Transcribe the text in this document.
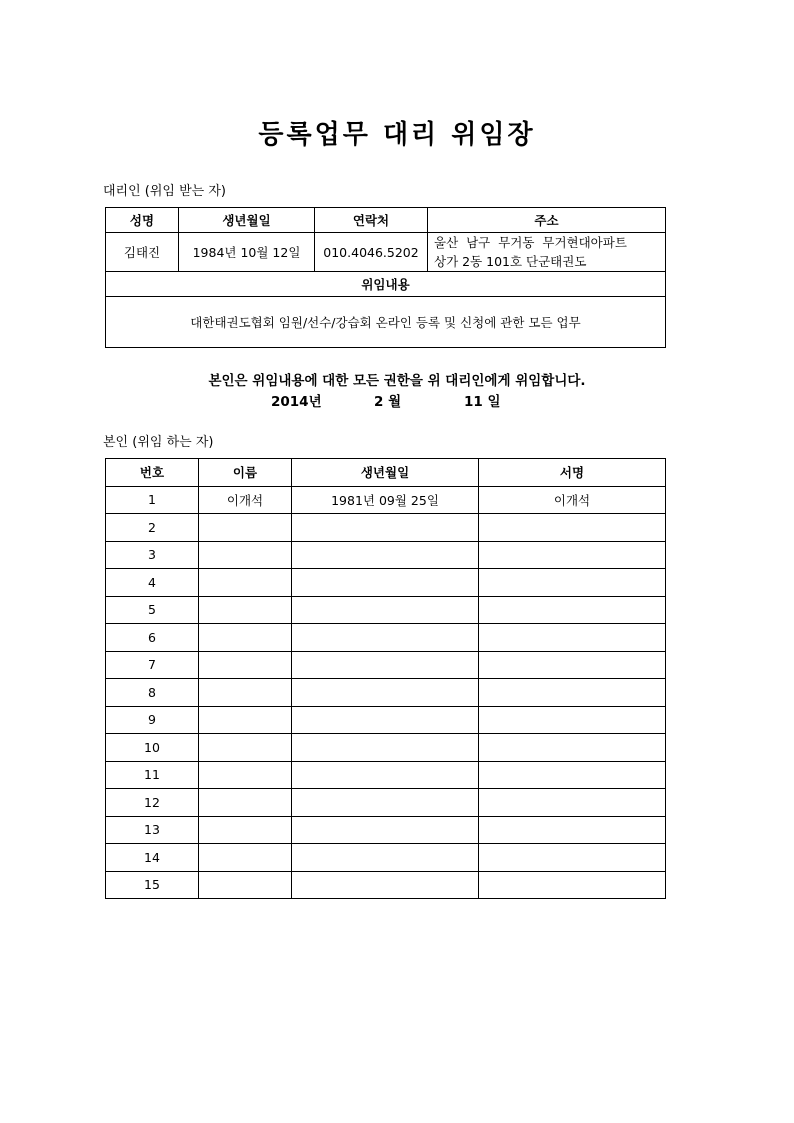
등록업무 대리 위임장
대리인 (위임 받는 자)
성명	생년월일	연락처	주소
김태진	1984년 10월 12일	010.4046.5202	울산  남구  무거동  무거현대아파트
상가 2동 101호 단군태권도

위임내용			
대한태권도협회 임원/선수/강습회 온라인 등록 및 신청에 관한 모든 업무			
본인은 위임내용에 대한 모든 권한을 위 대리인에게 위임합니다.
2014년	2 월	11 일
본인 (위임 하는 자)
번호	이름	생년월일	서명
1	이개석	1981년 09월 25일	이개석
2			
3			
4			
5			
6			
7			
8			
9			
10			
11			
12			
13			
14			
15			
